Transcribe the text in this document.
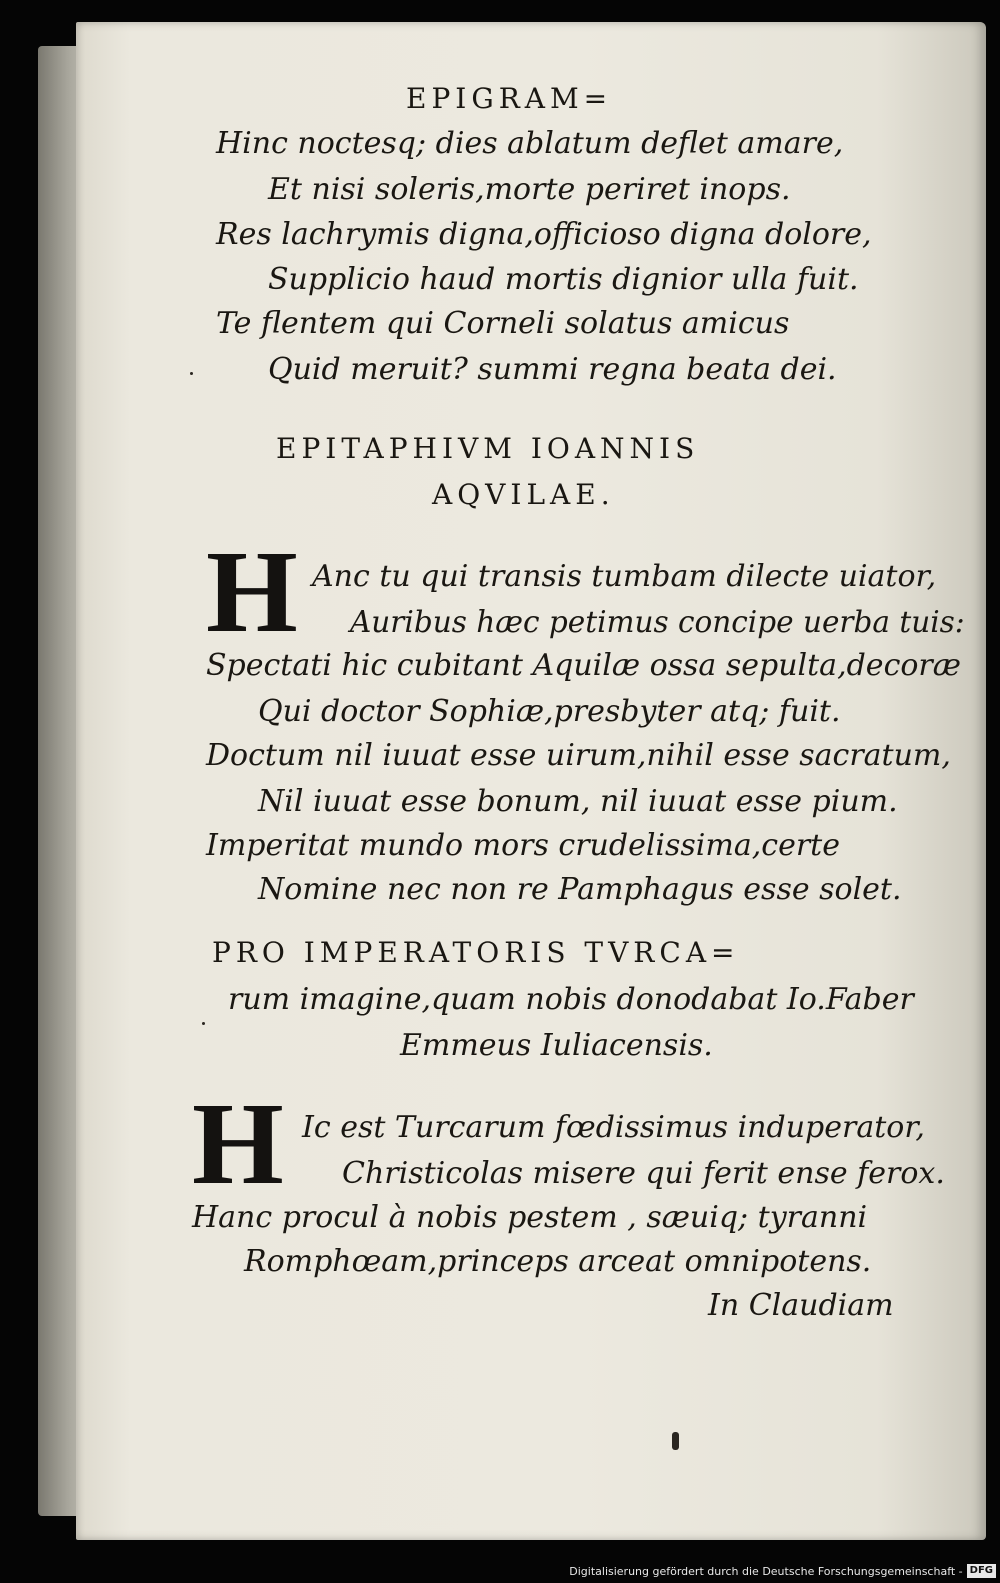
EPIGRAM=
Hinc noctesq; dies ablatum deflet amare,
Et nisi soleris,morte periret inops.
Res lachrymis digna,officioso digna dolore,
Supplicio haud mortis dignior ulla fuit.
Te flentem qui Corneli solatus amicus
Quid meruit? summi regna beata dei.
EPITAPHIVM IOANNIS
AQVILAE.
H Anc tu qui transis tumbam dilecte uiator,
Auribus hæc petimus concipe uerba tuis:
Spectati hic cubitant Aquilæ ossa sepulta,decoræ
Qui doctor Sophiæ,presbyter atq; fuit.
Doctum nil iuuat esse uirum,nihil esse sacratum,
Nil iuuat esse bonum, nil iuuat esse pium.
Imperitat mundo mors crudelissima,certe
Nomine nec non re Pamphagus esse solet.
PRO IMPERATORIS TVRCA=
rum imagine,quam nobis donodabat Io.Faber
Emmeus Iuliacensis.
H Ic est Turcarum fœdissimus induperator,
Christicolas misere qui ferit ense ferox.
Hanc procul à nobis pestem , sæuiq; tyranni
Romphœam,princeps arceat omnipotens.
In Claudiam
Digitalisierung gefördert durch die Deutsche Forschungsgemeinschaft - DFG
